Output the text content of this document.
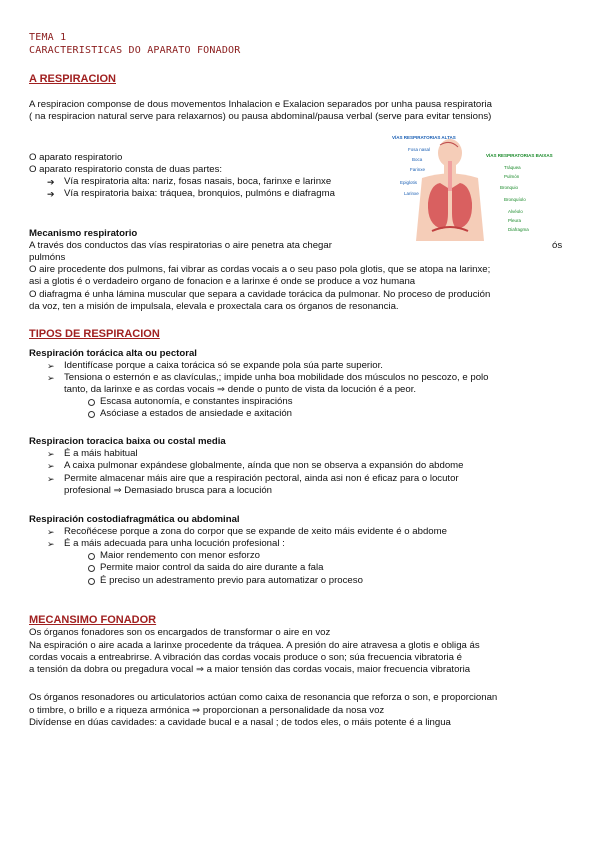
TEMA 1
CARACTERISTICAS DO APARATO FONADOR
A RESPIRACION
A respiracion componse de dous movementos Inhalacion e Exalacion separados por unha pausa respiratoria
( na respiracion natural serve para relaxarnos) ou pausa abdominal/pausa verbal (serve para evitar tensions)
O aparato respiratorio
O aparato respiratorio consta de duas partes:
➔ Vía respiratoria alta: nariz, fosas nasais, boca, farinxe e larinxe
➔ Vía respiratoria baixa: tráquea, bronquios, pulmóns e diafragma
VÍAS RESPIRATORIAS ALTAS
Fosa nasal
Boca
Farinxe
Epiglotis
Larinxe
VÍAS RESPIRATORIAS BAIXAS
Tráquea
Pulmón
Bronquio
Bronquíolo
Alvéolo
Pleura
Diafragma
Mecanismo respiratorio
A través dos conductos das vías respiratorias o aire penetra ata chegar	ós
pulmóns
O aire procedente dos pulmons, fai vibrar as cordas vocais a o seu paso pola glotis, que se atopa na larinxe;
asi a glotis é o verdadeiro organo de fonacion e a larinxe é onde se produce a voz humana
O diafragma é unha lámina muscular que separa a cavidade torácica da pulmonar. No proceso de produción
da voz, ten a misión de impulsala, elevala e proxectala cara os órganos de resonancia.
TIPOS DE RESPIRACION
Respiración torácica alta ou pectoral
➢ Identifícase porque a caixa torácica só se expande pola súa parte superior.
➢ Tensiona o esternón e as clavículas,; impide unha boa mobilidade dos músculos no pescozo, e polo
tanto, da larinxe e as cordas vocais ⇒ dende o punto de vista da locución é a peor.
Escasa autonomía, e constantes inspiracións
Asóciase a estados de ansiedade e axitación
Respiracion toracica baixa ou costal media
➢ É a máis habitual
➢ A caixa pulmonar expándese globalmente, aínda que non se observa a expansión do abdome
➢ Permite almacenar máis aire que a respiración pectoral, ainda asi non é eficaz para o locutor
profesional ⇒ Demasiado brusca para a locución
Respiración costodiafragmática ou abdominal
➢ Recoñécese porque a zona do corpor que se expande de xeito máis evidente é o abdome
➢ É a máis adecuada para unha locución profesional :
Maior rendemento con menor esforzo
Permite maior control da saida do aire durante a fala
É preciso un adestramento previo para automatizar o proceso
MECANSIMO FONADOR
Os órganos fonadores son os encargados de transformar o aire en voz
Na espiración o aire acada a larinxe procedente da tráquea. A presión do aire atravesa a glotis e obliga ás
cordas vocais a entreabrirse. A vibración das cordas vocais produce o son; súa frecuencia vibratoria é
a tensión da dobra ou pregadura vocal ⇒ a maior tensión das cordas vocais, maior frecuencia vibratoria
Os órganos resonadores ou articulatorios actúan como caixa de resonancia que reforza o son, e proporcionan
o timbre, o brillo e a riqueza armónica ⇒ proporcionan a personalidade da nosa voz
Divídense en dúas cavidades: a cavidade bucal e a nasal ; de todos eles, o máis potente é a lingua
